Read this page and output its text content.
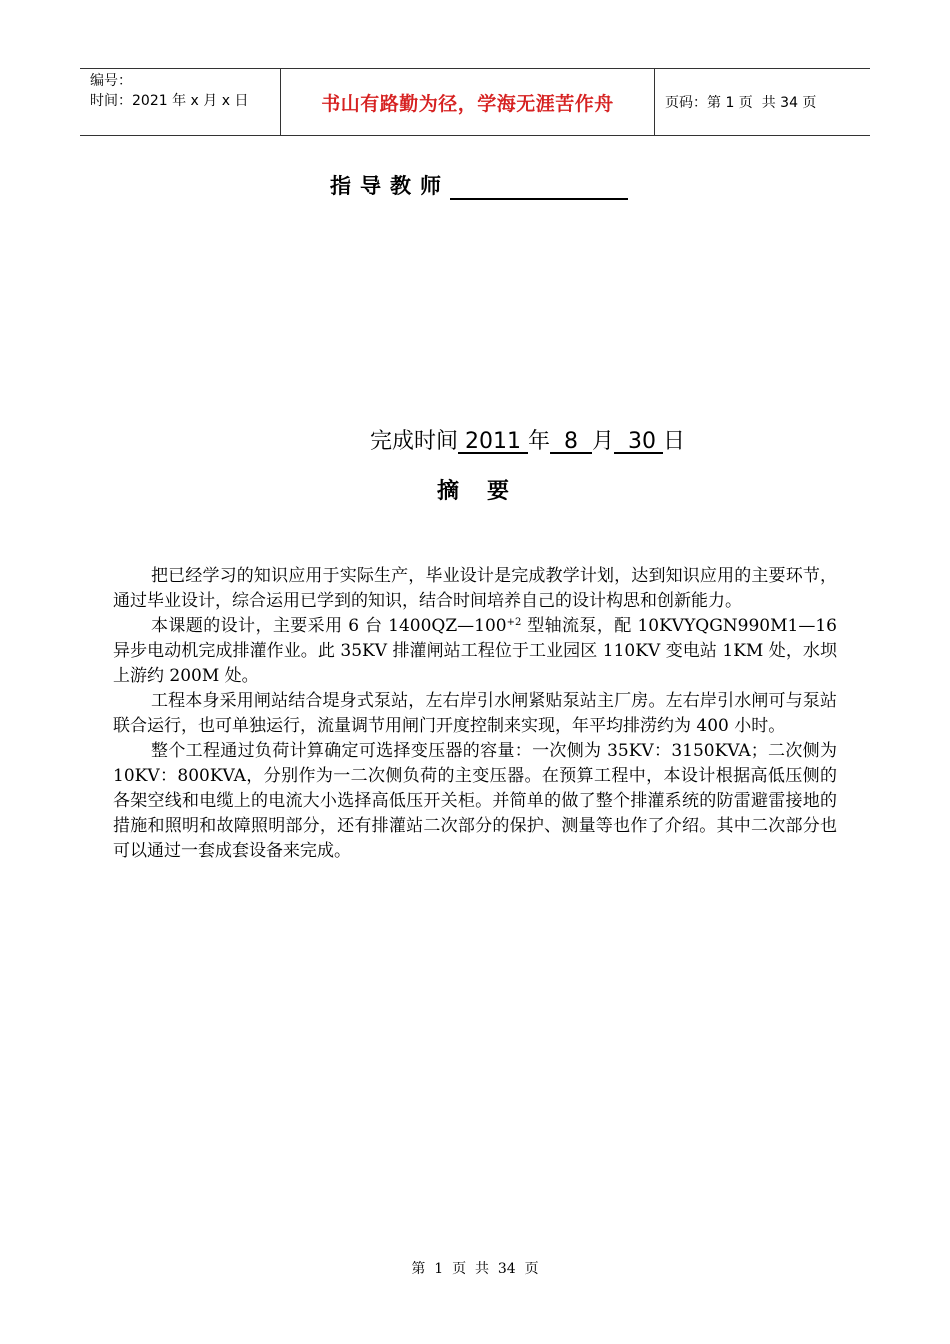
编号：
时间：2021 年 x 月 x 日	书山有路勤为径，学海无涯苦作舟	页码：第 1 页  共 34 页
指导教师
完成时间 2011 年  8  月  30 日
摘要

把已经学习的知识应用于实际生产，毕业设计是完成教学计划，达到知识应用的主要环节，通过毕业设计，综合运用已学到的知识，结合时间培养自己的设计构思和创新能力。

本课题的设计，主要采用 6 台 $1400QZ—100^{+2}$ 型轴流泵，配 10KVYQGN990M1—16 异步电动机完成排灌作业。此 35KV 排灌闸站工程位于工业园区 110KV 变电站 1KM 处，水坝上游约 200M 处。

工程本身采用闸站结合堤身式泵站，左右岸引水闸紧贴泵站主厂房。左右岸引水闸可与泵站联合运行，也可单独运行，流量调节用闸门开度控制来实现，年平均排涝约为 400 小时。

整个工程通过负荷计算确定可选择变压器的容量：一次侧为 35KV：3150KVA；二次侧为 10KV：800KVA，分别作为一二次侧负荷的主变压器。在预算工程中，本设计根据高低压侧的各架空线和电缆上的电流大小选择高低压开关柜。并简单的做了整个排灌系统的防雷避雷接地的措施和照明和故障照明部分，还有排灌站二次部分的保护、测量等也作了介绍。其中二次部分也可以通过一套成套设备来完成。

第  1  页  共  34  页
